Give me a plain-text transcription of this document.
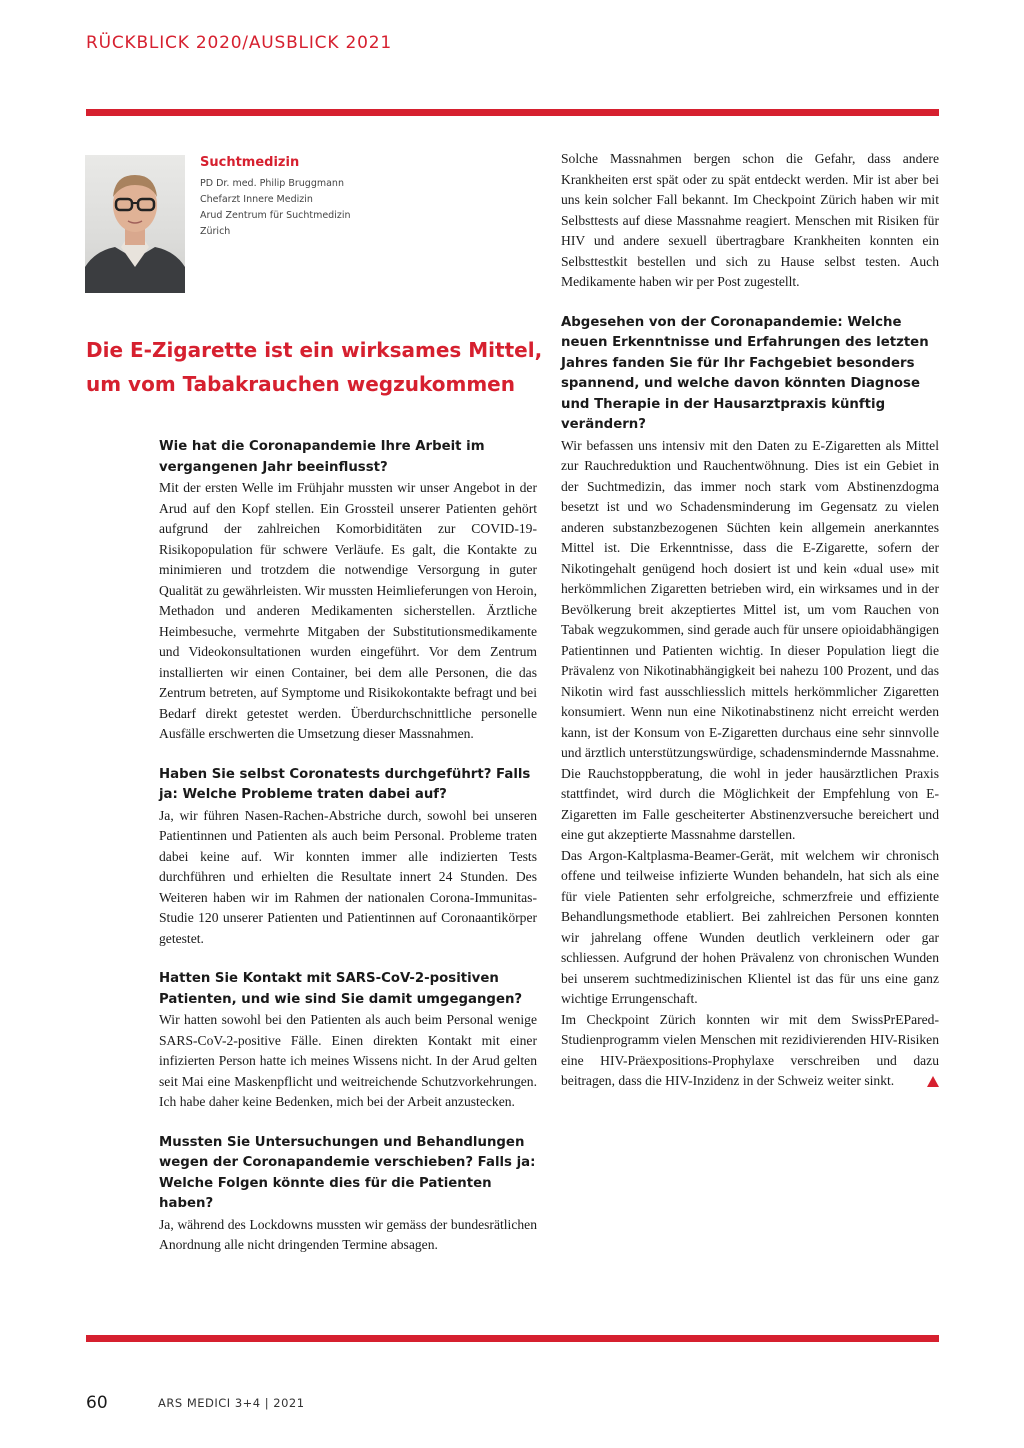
RÜCKBLICK 2020/AUSBLICK 2021
Suchtmedizin
PD Dr. med. Philip Bruggmann
Chefarzt Innere Medizin
Arud Zentrum für Suchtmedizin
Zürich
Die E-Zigarette ist ein wirksames Mittel, um vom Tabakrauchen wegzukommen

Wie hat die Coronapandemie Ihre Arbeit im vergangenen Jahr beeinflusst?

Mit der ersten Welle im Frühjahr mussten wir unser Angebot in der Arud auf den Kopf stellen. Ein Grossteil unserer Patienten gehört aufgrund der zahlreichen Komorbiditäten zur COVID-19-Risikopopulation für schwere Verläufe. Es galt, die Kontakte zu minimieren und trotzdem die notwendige Versorgung in guter Qualität zu gewährleisten. Wir mussten Heimlieferungen von Heroin, Methadon und anderen Medikamenten sicherstellen. Ärztliche Heimbesuche, vermehrte Mitgaben der Substitutionsmedikamente und Videokonsultationen wurden eingeführt. Vor dem Zentrum installierten wir einen Container, bei dem alle Personen, die das Zentrum betreten, auf Symptome und Risikokontakte befragt und bei Bedarf direkt getestet werden. Überdurchschnittliche personelle Ausfälle erschwerten die Umsetzung dieser Massnahmen.

Haben Sie selbst Coronatests durchgeführt? Falls ja: Welche Probleme traten dabei auf?

Ja, wir führen Nasen-Rachen-Abstriche durch, sowohl bei unseren Patientinnen und Patienten als auch beim Personal. Probleme traten dabei keine auf. Wir konnten immer alle indizierten Tests durchführen und erhielten die Resultate innert 24 Stunden. Des Weiteren haben wir im Rahmen der nationalen Corona-Immunitas-Studie 120 unserer Patienten und Patientinnen auf Coronaantikörper getestet.

Hatten Sie Kontakt mit SARS-CoV-2-positiven Patienten, und wie sind Sie damit umgegangen?

Wir hatten sowohl bei den Patienten als auch beim Personal wenige SARS-CoV-2-positive Fälle. Einen direkten Kontakt mit einer infizierten Person hatte ich meines Wissens nicht. In der Arud gelten seit Mai eine Maskenpflicht und weitreichende Schutzvorkehrungen. Ich habe daher keine Bedenken, mich bei der Arbeit anzustecken.

Mussten Sie Untersuchungen und Behandlungen wegen der Coronapandemie verschieben? Falls ja: Welche Folgen könnte dies für die Patienten haben?

Ja, während des Lockdowns mussten wir gemäss der bundesrätlichen Anordnung alle nicht dringenden Termine absagen.

Solche Massnahmen bergen schon die Gefahr, dass andere Krankheiten erst spät oder zu spät entdeckt werden. Mir ist aber bei uns kein solcher Fall bekannt. Im Checkpoint Zürich haben wir mit Selbsttests auf diese Massnahme reagiert. Menschen mit Risiken für HIV und andere sexuell übertragbare Krankheiten konnten ein Selbsttestkit bestellen und sich zu Hause selbst testen. Auch Medikamente haben wir per Post zugestellt.

Abgesehen von der Coronapandemie: Welche neuen Erkenntnisse und Erfahrungen des letzten Jahres fanden Sie für Ihr Fachgebiet besonders spannend, und welche davon könnten Diagnose und Therapie in der Hausarztpraxis künftig verändern?

Wir befassen uns intensiv mit den Daten zu E-Zigaretten als Mittel zur Rauchreduktion und Rauchentwöhnung. Dies ist ein Gebiet in der Suchtmedizin, das immer noch stark vom Abstinenzdogma besetzt ist und wo Schadensminderung im Gegensatz zu vielen anderen substanzbezogenen Süchten kein allgemein anerkanntes Mittel ist. Die Erkenntnisse, dass die E-Zigarette, sofern der Nikotingehalt genügend hoch dosiert ist und kein «dual use» mit herkömmlichen Zigaretten betrieben wird, ein wirksames und in der Bevölkerung breit akzeptiertes Mittel ist, um vom Rauchen von Tabak wegzukommen, sind gerade auch für unsere opioidabhängigen Patientinnen und Patienten wichtig. In dieser Population liegt die Prävalenz von Nikotinabhängigkeit bei nahezu 100 Prozent, und das Nikotin wird fast ausschliesslich mittels herkömmlicher Zigaretten konsumiert. Wenn nun eine Nikotinabstinenz nicht erreicht werden kann, ist der Konsum von E-Zigaretten durchaus eine sehr sinnvolle und ärztlich unterstützungswürdige, schadensmindernde Massnahme. Die Rauchstoppberatung, die wohl in jeder hausärztlichen Praxis stattfindet, wird durch die Möglichkeit der Empfehlung von E-Zigaretten im Falle gescheiterter Abstinenzversuche bereichert und eine gut akzeptierte Massnahme darstellen.

Das Argon-Kaltplasma-Beamer-Gerät, mit welchem wir chronisch offene und teilweise infizierte Wunden behandeln, hat sich als eine für viele Patienten sehr erfolgreiche, schmerzfreie und effiziente Behandlungsmethode etabliert. Bei zahlreichen Personen konnten wir jahrelang offene Wunden deutlich verkleinern oder gar schliessen. Aufgrund der hohen Prävalenz von chronischen Wunden bei unserem suchtmedizinischen Klientel ist das für uns eine ganz wichtige Errungenschaft.

Im Checkpoint Zürich konnten wir mit dem SwissPrEPared-Studienprogramm vielen Menschen mit rezidivierenden HIV-Risiken eine HIV-Präexpositions-Prophylaxe verschreiben und dazu beitragen, dass die HIV-Inzidenz in der Schweiz weiter sinkt.

60	ARS MEDICI 3+4 | 2021
